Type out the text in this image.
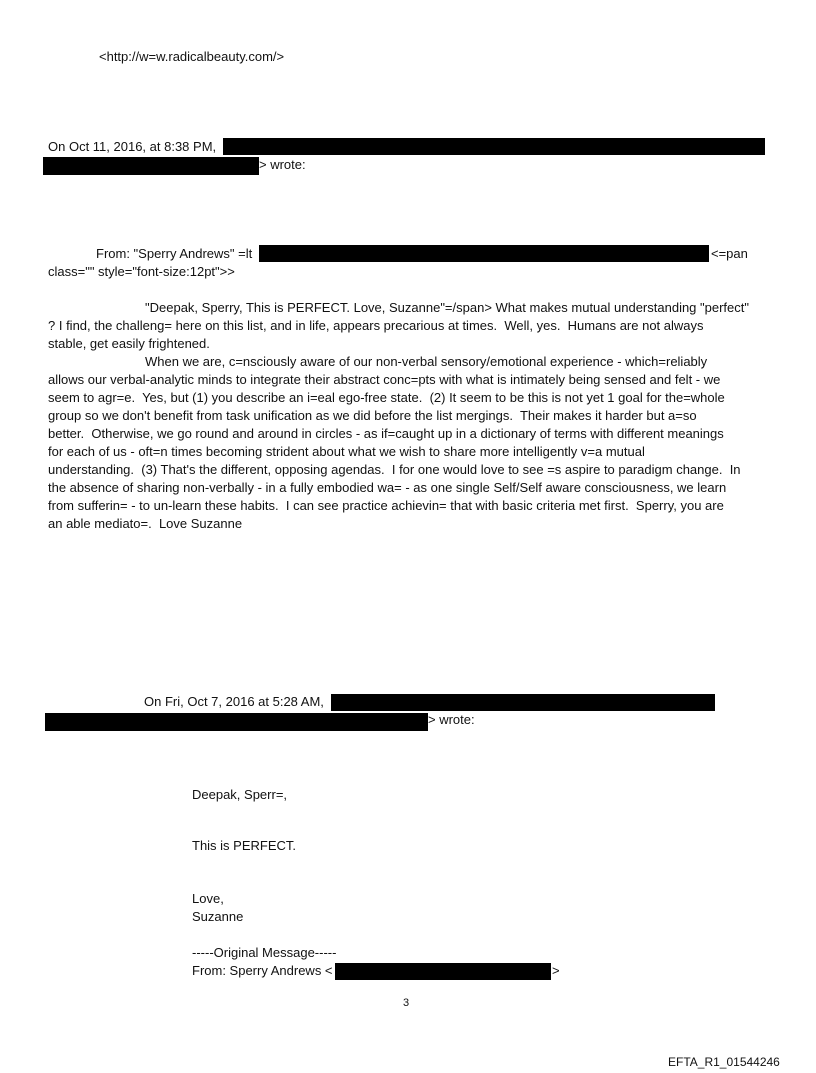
<http://w=w.radicalbeauty.com/>
On Oct 11, 2016, at 8:38 PM,
> wrote:
From: "Sperry Andrews" =lt	<=pan
class="" style="font-size:12pt">>
"Deepak, Sperry, This is PERFECT. Love, Suzanne"=/span> What makes mutual understanding "perfect"
? I find, the challeng= here on this list, and in life, appears precarious at times.  Well, yes.  Humans are not always
stable, get easily frightened.
When we are, c=nsciously aware of our non-verbal sensory/emotional experience - which=reliably
allows our verbal-analytic minds to integrate their abstract conc=pts with what is intimately being sensed and felt - we
seem to agr=e.  Yes, but (1) you describe an i=eal ego-free state.  (2) It seem to be this is not yet 1 goal for the=whole
group so we don't benefit from task unification as we did before the list mergings.  Their makes it harder but a=so
better.  Otherwise, we go round and around in circles - as if=caught up in a dictionary of terms with different meanings
for each of us - oft=n times becoming strident about what we wish to share more intelligently v=a mutual
understanding.  (3) That's the different, opposing agendas.  I for one would love to see =s aspire to paradigm change.  In
the absence of sharing non-verbally - in a fully embodied wa= - as one single Self/Self aware consciousness, we learn
from sufferin= - to un-learn these habits.  I can see practice achievin= that with basic criteria met first.  Sperry, you are
an able mediato=.  Love Suzanne
On Fri, Oct 7, 2016 at 5:28 AM,
> wrote:
Deepak, Sperr=,
This is PERFECT.
Love,
Suzanne
-----Original Message-----
From: Sperry Andrews <	>
3
EFTA_R1_01544246
